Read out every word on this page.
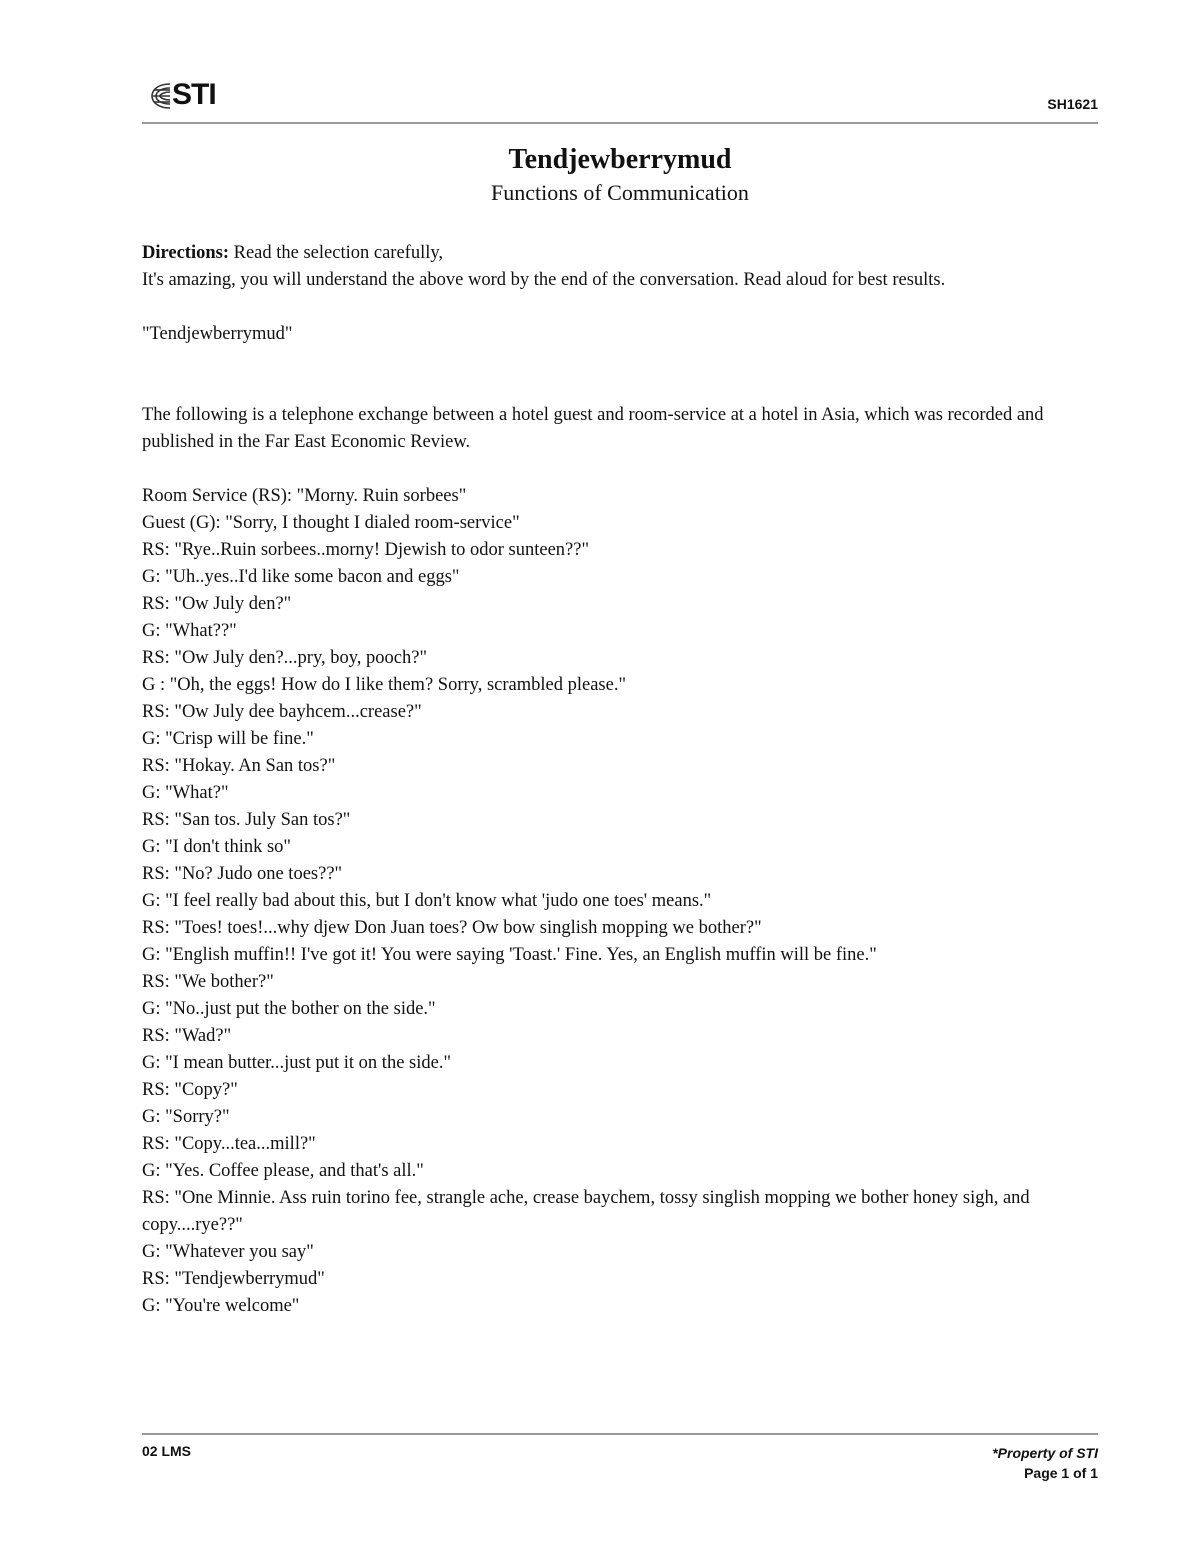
STI	SH1621
Tendjewberrymud
Functions of Communication

Directions: Read the selection carefully,

It's amazing, you will understand the above word by the end of the conversation. Read aloud for best results.

"Tendjewberrymud"

The following is a telephone exchange between a hotel guest and room-service at a hotel in Asia, which was recorded and published in the Far East Economic Review.

Room Service (RS): "Morny. Ruin sorbees"

Guest (G): "Sorry, I thought I dialed room-service"

RS: "Rye..Ruin sorbees..morny! Djewish to odor sunteen??"

G: "Uh..yes..I'd like some bacon and eggs"

RS: "Ow July den?"

G: "What??"

RS: "Ow July den?...pry, boy, pooch?"

G : "Oh, the eggs! How do I like them? Sorry, scrambled please."

RS: "Ow July dee bayhcem...crease?"

G: "Crisp will be fine."

RS: "Hokay. An San tos?"

G: "What?"

RS: "San tos. July San tos?"

G: "I don't think so"

RS: "No? Judo one toes??"

G: "I feel really bad about this, but I don't know what 'judo one toes' means."

RS: "Toes! toes!...why djew Don Juan toes? Ow bow singlish mopping we bother?"

G: "English muffin!! I've got it! You were saying 'Toast.' Fine. Yes, an English muffin will be fine."

RS: "We bother?"

G: "No..just put the bother on the side."

RS: "Wad?"

G: "I mean butter...just put it on the side."

RS: "Copy?"

G: "Sorry?"

RS: "Copy...tea...mill?"

G: "Yes. Coffee please, and that's all."

RS: "One Minnie. Ass ruin torino fee, strangle ache, crease baychem, tossy singlish mopping we bother honey sigh, and copy....rye??"

G: "Whatever you say"

RS: "Tendjewberrymud"

G: "You're welcome"

02 LMS	*Property of STI
Page 1 of 1
